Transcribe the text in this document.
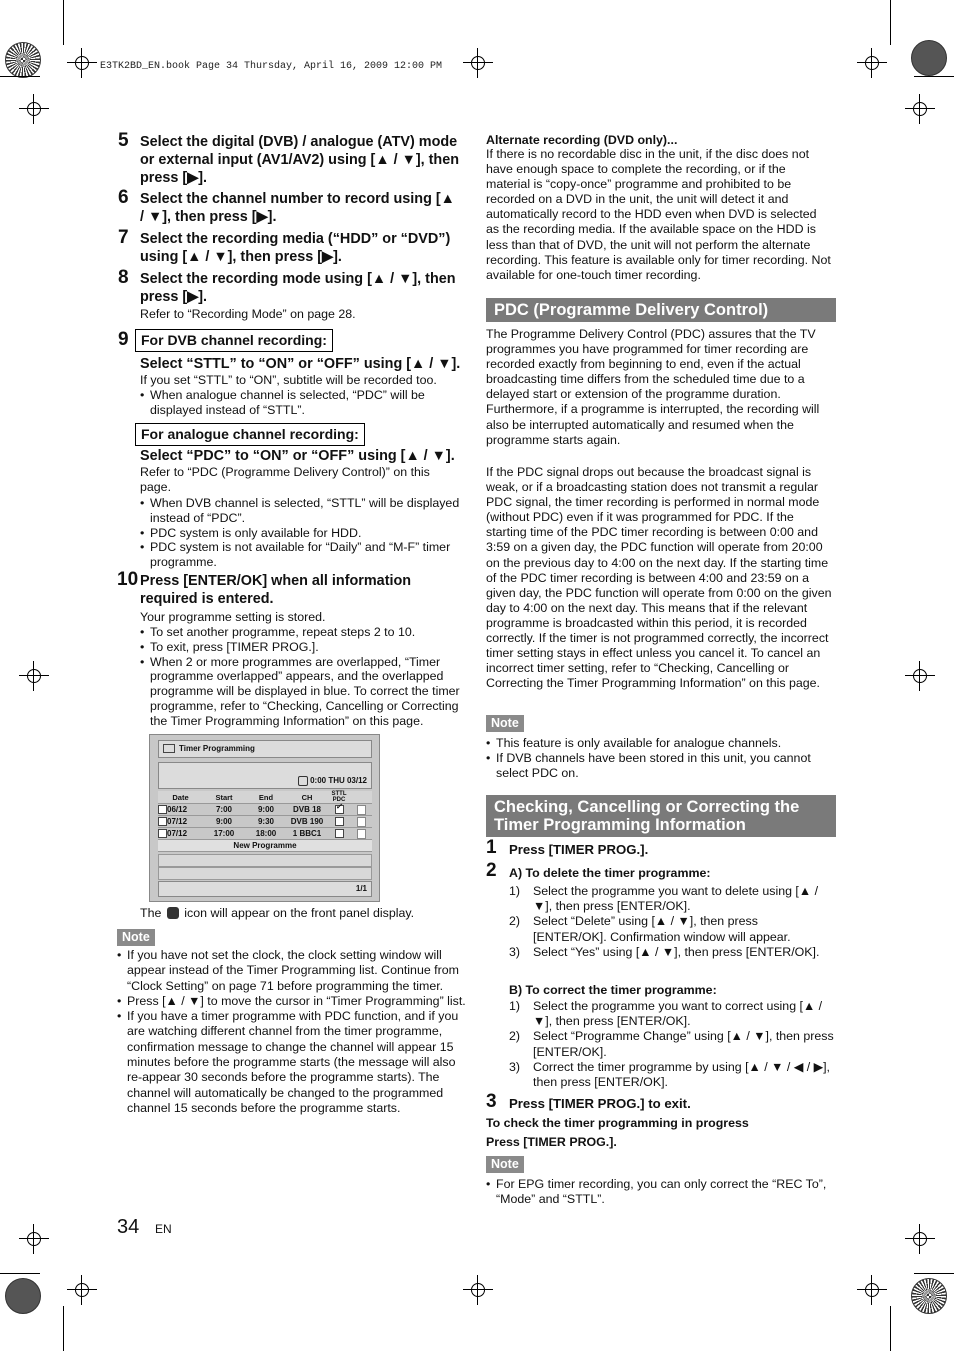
E3TK2BD_EN.book Page 34 Thursday, April 16, 2009 12:00 PM
5 Select the digital (DVB) / analogue (ATV) mode or external input (AV1/AV2) using [▲ / ▼], then press [▶].
6 Select the channel number to record using [▲ / ▼], then press [▶].
7 Select the recording media (“HDD” or “DVD”) using [▲ / ▼], then press [▶].
8 Select the recording mode using [▲ / ▼], then press [▶].
Refer to “Recording Mode” on page 28.
9 For DVB channel recording:
Select “STTL” to “ON” or “OFF” using [▲ / ▼].
If you set “STTL” to “ON”, subtitle will be recorded too.
• When analogue channel is selected, “PDC” will be displayed instead of “STTL”.
For analogue channel recording:
Select “PDC” to “ON” or “OFF” using [▲ / ▼].
Refer to “PDC (Programme Delivery Control)” on this page.
• When DVB channel is selected, “STTL” will be displayed instead of “PDC”.
• PDC system is only available for HDD.
• PDC system is not available for “Daily” and “M-F” timer programme.
10 Press [ENTER/OK] when all information required is entered.
Your programme setting is stored.
• To set another programme, repeat steps 2 to 10.
• To exit, press [TIMER PROG.].
• When 2 or more programmes are overlapped, “Timer programme overlapped” appears, and the overlapped programme will be displayed in blue. To correct the timer programme, refer to “Checking, Cancelling or Correcting the Timer Programming Information” on this page.
Timer Programming
0:00 THU 03/12
Date	Start	End	CH	STTL PDC	
06/12	7:00	9:00	DVB 18	✓	
07/12	9:00	9:30	DVB 190		
07/12	17:00	18:00	1 BBC1		
New Programme					
1/1
The icon will appear on the front panel display.
Note
• If you have not set the clock, the clock setting window will appear instead of the Timer Programming list. Continue from “Clock Setting” on page 71 before programming the timer.
• Press [▲ / ▼] to move the cursor in “Timer Programming” list.
• If you have a timer programme with PDC function, and if you are watching different channel from the timer programme, confirmation message to change the channel will appear 15 minutes before the programme starts (the message will also re-appear 30 seconds before the programme starts). The channel will automatically be changed to the programmed channel 15 seconds before the programme starts.
34 EN
Alternate recording (DVD only)...
If there is no recordable disc in the unit, if the disc does not have enough space to complete the recording, or if the material is “copy-once” programme and prohibited to be recorded on a DVD in the unit, the unit will detect it and automatically record to the HDD even when DVD is selected as the recording media. If the available space on the HDD is less than that of DVD, the unit will not perform the alternate recording. This feature is available only for timer recording. Not available for one-touch timer recording.
PDC (Programme Delivery Control)
The Programme Delivery Control (PDC) assures that the TV programmes you have programmed for timer recording are recorded exactly from beginning to end, even if the actual broadcasting time differs from the scheduled time due to a delayed start or extension of the programme duration. Furthermore, if a programme is interrupted, the recording will also be interrupted automatically and resumed when the programme starts again.
If the PDC signal drops out because the broadcast signal is weak, or if a broadcasting station does not transmit a regular PDC signal, the timer recording is performed in normal mode (without PDC) even if it was programmed for PDC. If the starting time of the PDC timer recording is between 0:00 and 3:59 on a given day, the PDC function will operate from 20:00 on the previous day to 4:00 on the next day. If the starting time of the PDC timer recording is between 4:00 and 23:59 on a given day, the PDC function will operate from 0:00 on the given day to 4:00 on the next day. This means that if the relevant programme is broadcasted within this period, it is recorded correctly. If the timer is not programmed correctly, the incorrect timer setting stays in effect unless you cancel it. To cancel an incorrect timer setting, refer to “Checking, Cancelling or Correcting the Timer Programming Information” on this page.
Note
• This feature is only available for analogue channels.
• If DVB channels have been stored in this unit, you cannot select PDC on.
Checking, Cancelling or Correcting the
Timer Programming Information
1 Press [TIMER PROG.].
2 A) To delete the timer programme:
1) Select the programme you want to delete using [▲ / ▼], then press [ENTER/OK].
2) Select “Delete” using [▲ / ▼], then press [ENTER/OK]. Confirmation window will appear.
3) Select “Yes” using [▲ / ▼], then press [ENTER/OK].
B) To correct the timer programme:
1) Select the programme you want to correct using [▲ / ▼], then press [ENTER/OK].
2) Select “Programme Change” using [▲ / ▼], then press [ENTER/OK].
3) Correct the timer programme by using [▲ / ▼ / ◀ / ▶], then press [ENTER/OK].
3 Press [TIMER PROG.] to exit.
To check the timer programming in progress
Press [TIMER PROG.].
Note
• For EPG timer recording, you can only correct the “REC To”, “Mode” and “STTL”.
